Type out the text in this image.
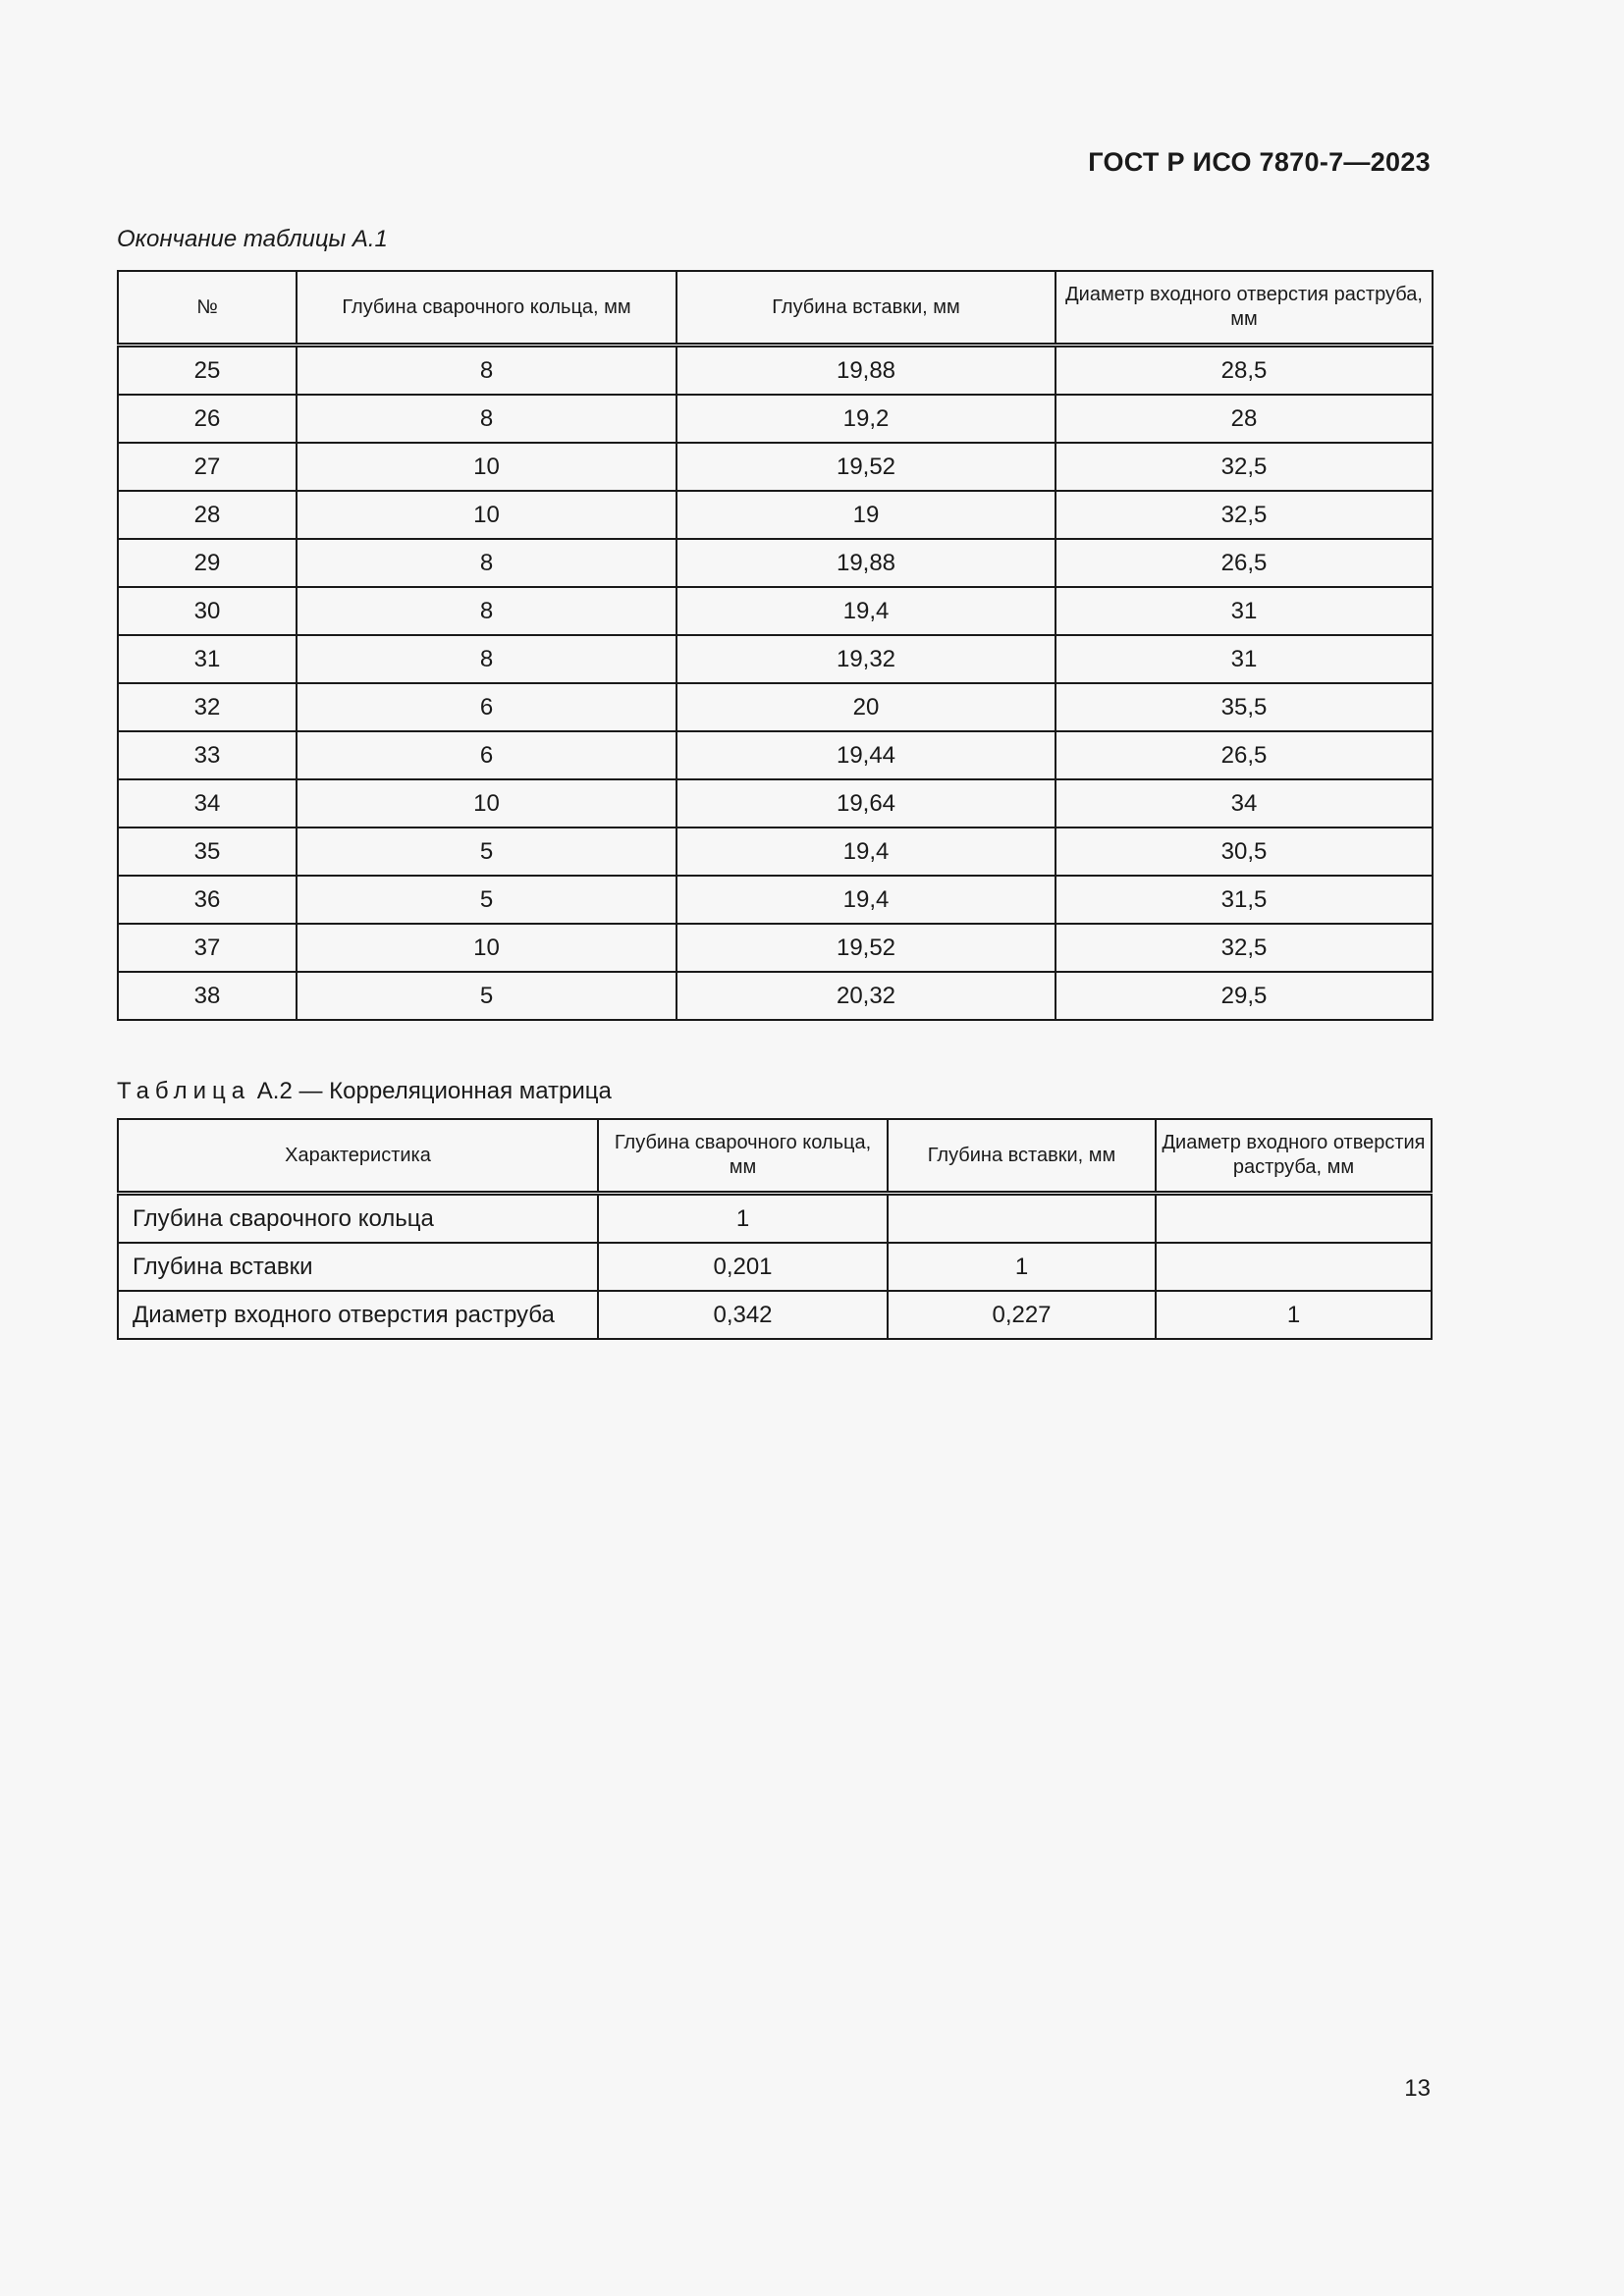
ГОСТ Р ИСО 7870-7—2023
Окончание таблицы А.1
№	Глубина сварочного кольца, мм	Глубина вставки, мм	Диаметр входного отверстия раструба, мм
25	8	19,88	28,5
26	8	19,2	28
27	10	19,52	32,5
28	10	19	32,5
29	8	19,88	26,5
30	8	19,4	31
31	8	19,32	31
32	6	20	35,5
33	6	19,44	26,5
34	10	19,64	34
35	5	19,4	30,5
36	5	19,4	31,5
37	10	19,52	32,5
38	5	20,32	29,5
Таблица А.2 — Корреляционная матрица
Характеристика	Глубина сварочного кольца, мм	Глубина вставки, мм	Диаметр входного отверстия раструба, мм
Глубина сварочного кольца	1		
Глубина вставки	0,201	1	
Диаметр входного отверстия раструба	0,342	0,227	1
13
